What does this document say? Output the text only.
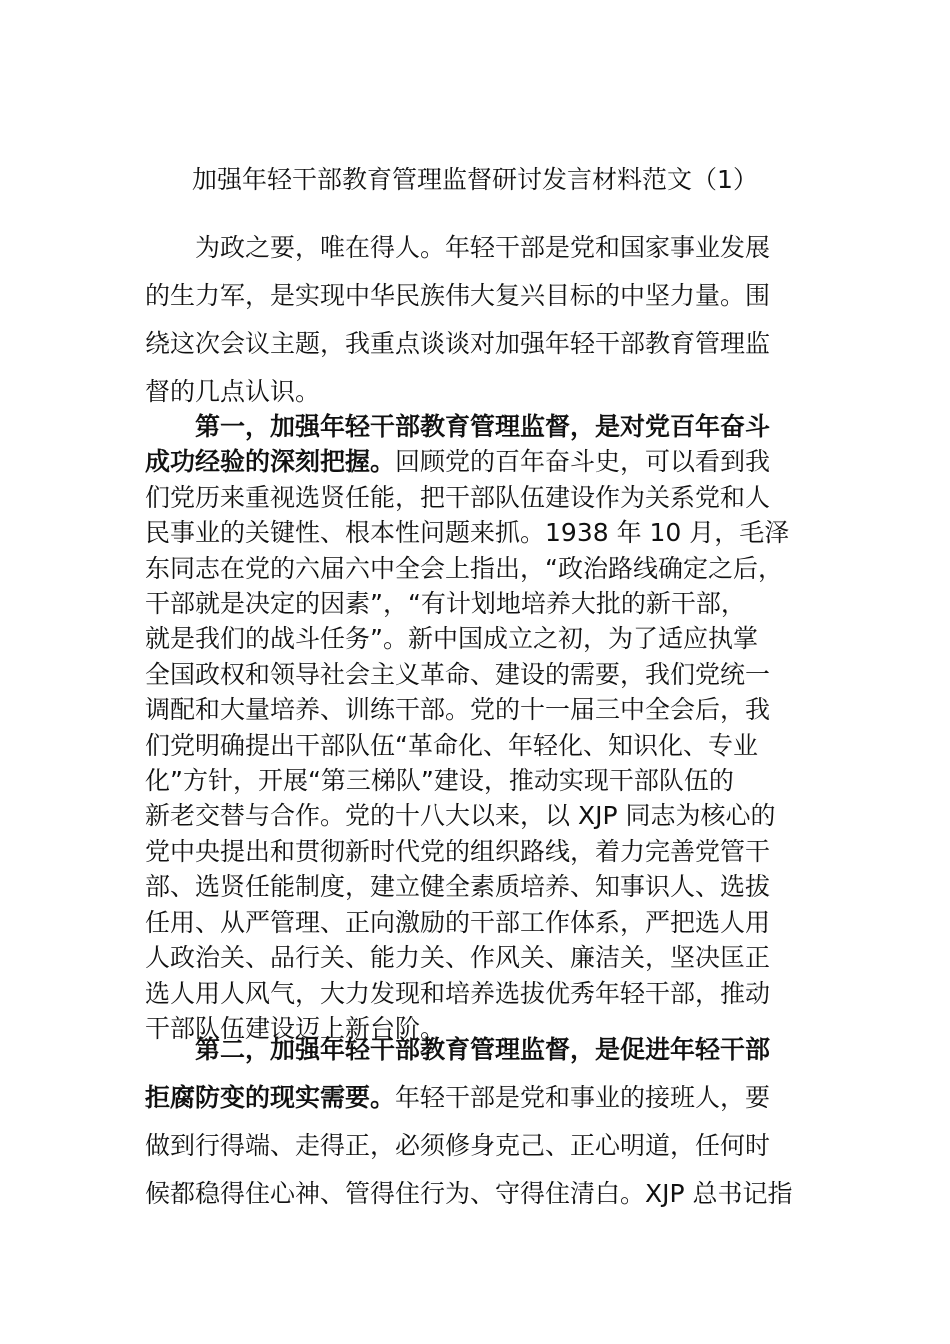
加强年轻干部教育管理监督研讨发言材料范文（1）
为政之要，唯在得人。年轻干部是党和国家事业发展
的生力军，是实现中华民族伟大复兴目标的中坚力量。围
绕这次会议主题，我重点谈谈对加强年轻干部教育管理监
督的几点认识。
第一，加强年轻干部教育管理监督，是对党百年奋斗
成功经验的深刻把握。回顾党的百年奋斗史，可以看到我
们党历来重视选贤任能，把干部队伍建设作为关系党和人
民事业的关键性、根本性问题来抓。1938 年 10 月，毛泽
东同志在党的六届六中全会上指出，“政治路线确定之后，
干部就是决定的因素”，“有计划地培养大批的新干部，
就是我们的战斗任务”。新中国成立之初，为了适应执掌
全国政权和领导社会主义革命、建设的需要，我们党统一
调配和大量培养、训练干部。党的十一届三中全会后，我
们党明确提出干部队伍“革命化、年轻化、知识化、专业
化”方针，开展“第三梯队”建设，推动实现干部队伍的
新老交替与合作。党的十八大以来，以 XJP 同志为核心的
党中央提出和贯彻新时代党的组织路线，着力完善党管干
部、选贤任能制度，建立健全素质培养、知事识人、选拔
任用、从严管理、正向激励的干部工作体系，严把选人用
人政治关、品行关、能力关、作风关、廉洁关，坚决匡正
选人用人风气，大力发现和培养选拔优秀年轻干部，推动
干部队伍建设迈上新台阶。
第二，加强年轻干部教育管理监督，是促进年轻干部
拒腐防变的现实需要。年轻干部是党和事业的接班人，要
做到行得端、走得正，必须修身克己、正心明道，任何时
候都稳得住心神、管得住行为、守得住清白。XJP 总书记指
